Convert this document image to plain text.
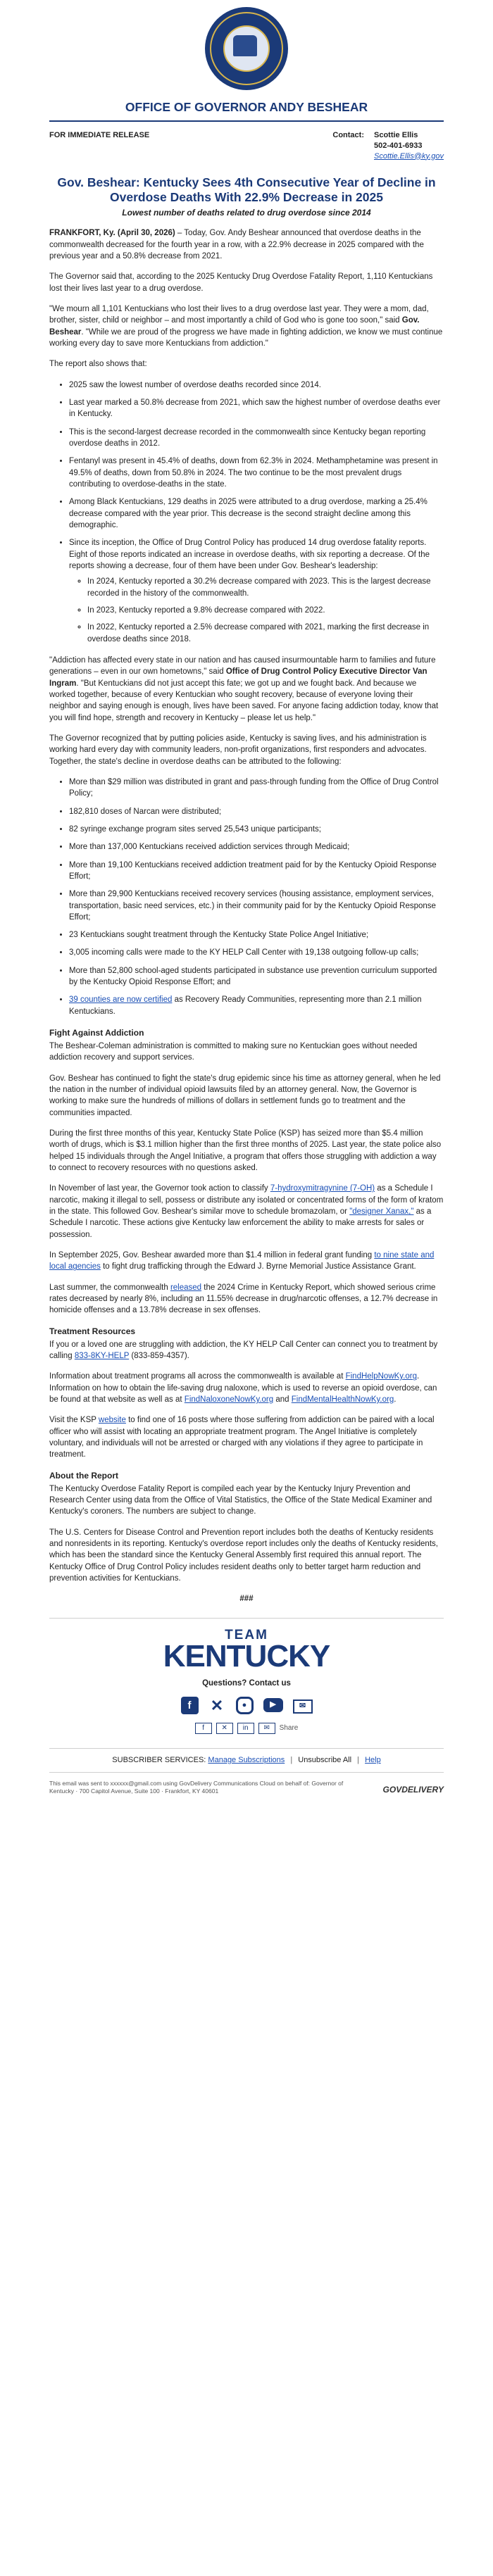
OFFICE OF GOVERNOR ANDY BESHEAR
FOR IMMEDIATE RELEASE	Contact: Scottie Ellis
502-401-6933
Scottie.Ellis@ky.gov
Gov. Beshear: Kentucky Sees 4th Consecutive Year of Decline in Overdose Deaths With 22.9% Decrease in 2025
Lowest number of deaths related to drug overdose since 2014

FRANKFORT, Ky. (April 30, 2026) – Today, Gov. Andy Beshear announced that overdose deaths in the commonwealth decreased for the fourth year in a row, with a 22.9% decrease in 2025 compared with the previous year and a 50.8% decrease from 2021.

The Governor said that, according to the 2025 Kentucky Drug Overdose Fatality Report, 1,110 Kentuckians lost their lives last year to a drug overdose.

"We mourn all 1,101 Kentuckians who lost their lives to a drug overdose last year. They were a mom, dad, brother, sister, child or neighbor – and most importantly a child of God who is gone too soon," said Gov. Beshear. "While we are proud of the progress we have made in fighting addiction, we know we must continue working every day to save more Kentuckians from addiction."

The report also shows that:

• 2025 saw the lowest number of overdose deaths recorded since 2014.
• Last year marked a 50.8% decrease from 2021, which saw the highest number of overdose deaths ever in Kentucky.
• This is the second-largest decrease recorded in the commonwealth since Kentucky began reporting overdose deaths in 2012.
• Fentanyl was present in 45.4% of deaths, down from 62.3% in 2024. Methamphetamine was present in 49.5% of deaths, down from 50.8% in 2024. The two continue to be the most prevalent drugs contributing to overdose-deaths in the state.
• Among Black Kentuckians, 129 deaths in 2025 were attributed to a drug overdose, marking a 25.4% decrease compared with the year prior. This decrease is the second straight decline among this demographic.
• Since its inception, the Office of Drug Control Policy has produced 14 drug overdose fatality reports. Eight of those reports indicated an increase in overdose deaths, with six reporting a decrease. Of the reports showing a decrease, four of them have been under Gov. Beshear's leadership:
◦ In 2024, Kentucky reported a 30.2% decrease compared with 2023. This is the largest decrease recorded in the history of the commonwealth.
◦ In 2023, Kentucky reported a 9.8% decrease compared with 2022.
◦ In 2022, Kentucky reported a 2.5% decrease compared with 2021, marking the first decrease in overdose deaths since 2018.

"Addiction has affected every state in our nation and has caused insurmountable harm to families and future generations – even in our own hometowns," said Office of Drug Control Policy Executive Director Van Ingram. "But Kentuckians did not just accept this fate; we got up and we fought back. And because we worked together, because of every Kentuckian who sought recovery, because of everyone loving their neighbor and saying enough is enough, lives have been saved. For anyone facing addiction today, know that you will find hope, strength and recovery in Kentucky – please let us help."

The Governor recognized that by putting policies aside, Kentucky is saving lives, and his administration is working hard every day with community leaders, non-profit organizations, first responders and advocates. Together, the state's decline in overdose deaths can be attributed to the following:

• More than $29 million was distributed in grant and pass-through funding from the Office of Drug Control Policy;
• 182,810 doses of Narcan were distributed;
• 82 syringe exchange program sites served 25,543 unique participants;
• More than 137,000 Kentuckians received addiction services through Medicaid;
• More than 19,100 Kentuckians received addiction treatment paid for by the Kentucky Opioid Response Effort;
• More than 29,900 Kentuckians received recovery services (housing assistance, employment services, transportation, basic need services, etc.) in their community paid for by the Kentucky Opioid Response Effort;
• 23 Kentuckians sought treatment through the Kentucky State Police Angel Initiative;
• 3,005 incoming calls were made to the KY HELP Call Center with 19,138 outgoing follow-up calls;
• More than 52,800 school-aged students participated in substance use prevention curriculum supported by the Kentucky Opioid Response Effort; and
• 39 counties are now certified as Recovery Ready Communities, representing more than 2.1 million Kentuckians.
Fight Against Addiction

The Beshear-Coleman administration is committed to making sure no Kentuckian goes without needed addiction recovery and support services.

Gov. Beshear has continued to fight the state's drug epidemic since his time as attorney general, when he led the nation in the number of individual opioid lawsuits filed by an attorney general. Now, the Governor is working to make sure the hundreds of millions of dollars in settlement funds go to treatment and the communities impacted.

During the first three months of this year, Kentucky State Police (KSP) has seized more than $5.4 million worth of drugs, which is $3.1 million higher than the first three months of 2025. Last year, the state police also helped 15 individuals through the Angel Initiative, a program that offers those struggling with addiction a way to connect to recovery resources with no questions asked.

In November of last year, the Governor took action to classify 7-hydroxymitragynine (7-OH) as a Schedule I narcotic, making it illegal to sell, possess or distribute any isolated or concentrated forms of the form of kratom in the state. This followed Gov. Beshear's similar move to schedule bromazolam, or "designer Xanax," as a Schedule I narcotic. These actions give Kentucky law enforcement the ability to make arrests for sales or possession.

In September 2025, Gov. Beshear awarded more than $1.4 million in federal grant funding to nine state and local agencies to fight drug trafficking through the Edward J. Byrne Memorial Justice Assistance Grant.

Last summer, the commonwealth released the 2024 Crime in Kentucky Report, which showed serious crime rates decreased by nearly 8%, including an 11.55% decrease in drug/narcotic offenses, a 12.7% decrease in homicide offenses and a 13.78% decrease in sex offenses.

Treatment Resources

If you or a loved one are struggling with addiction, the KY HELP Call Center can connect you to treatment by calling 833-8KY-HELP (833-859-4357).

Information about treatment programs all across the commonwealth is available at FindHelpNowKy.org. Information on how to obtain the life-saving drug naloxone, which is used to reverse an opioid overdose, can be found at that website as well as at FindNaloxoneNowKy.org and FindMentalHealthNowKy.org.

Visit the KSP website to find one of 16 posts where those suffering from addiction can be paired with a local officer who will assist with locating an appropriate treatment program. The Angel Initiative is completely voluntary, and individuals will not be arrested or charged with any violations if they agree to participate in treatment.

About the Report

The Kentucky Overdose Fatality Report is compiled each year by the Kentucky Injury Prevention and Research Center using data from the Office of Vital Statistics, the Office of the State Medical Examiner and Kentucky's coroners. The numbers are subject to change.

The U.S. Centers for Disease Control and Prevention report includes both the deaths of Kentucky residents and nonresidents in its reporting. Kentucky's overdose report includes only the deaths of Kentucky residents, which has been the standard since the Kentucky General Assembly first required this annual report. The Kentucky Office of Drug Control Policy includes resident deaths only to better target harm reduction and prevention activities for Kentuckians.

###
TEAM
KENTUCKY
Questions? Contact us
f	✕	●	▶	✉
f	✕	in	✉	Share
SUBSCRIBER SERVICES: Manage Subscriptions | Unsubscribe All | Help
This email was sent to xxxxxx@gmail.com using GovDelivery Communications Cloud on behalf of: Governor of Kentucky · 700 Capitol Avenue, Suite 100 · Frankfort, KY 40601	GOVDELIVERY
